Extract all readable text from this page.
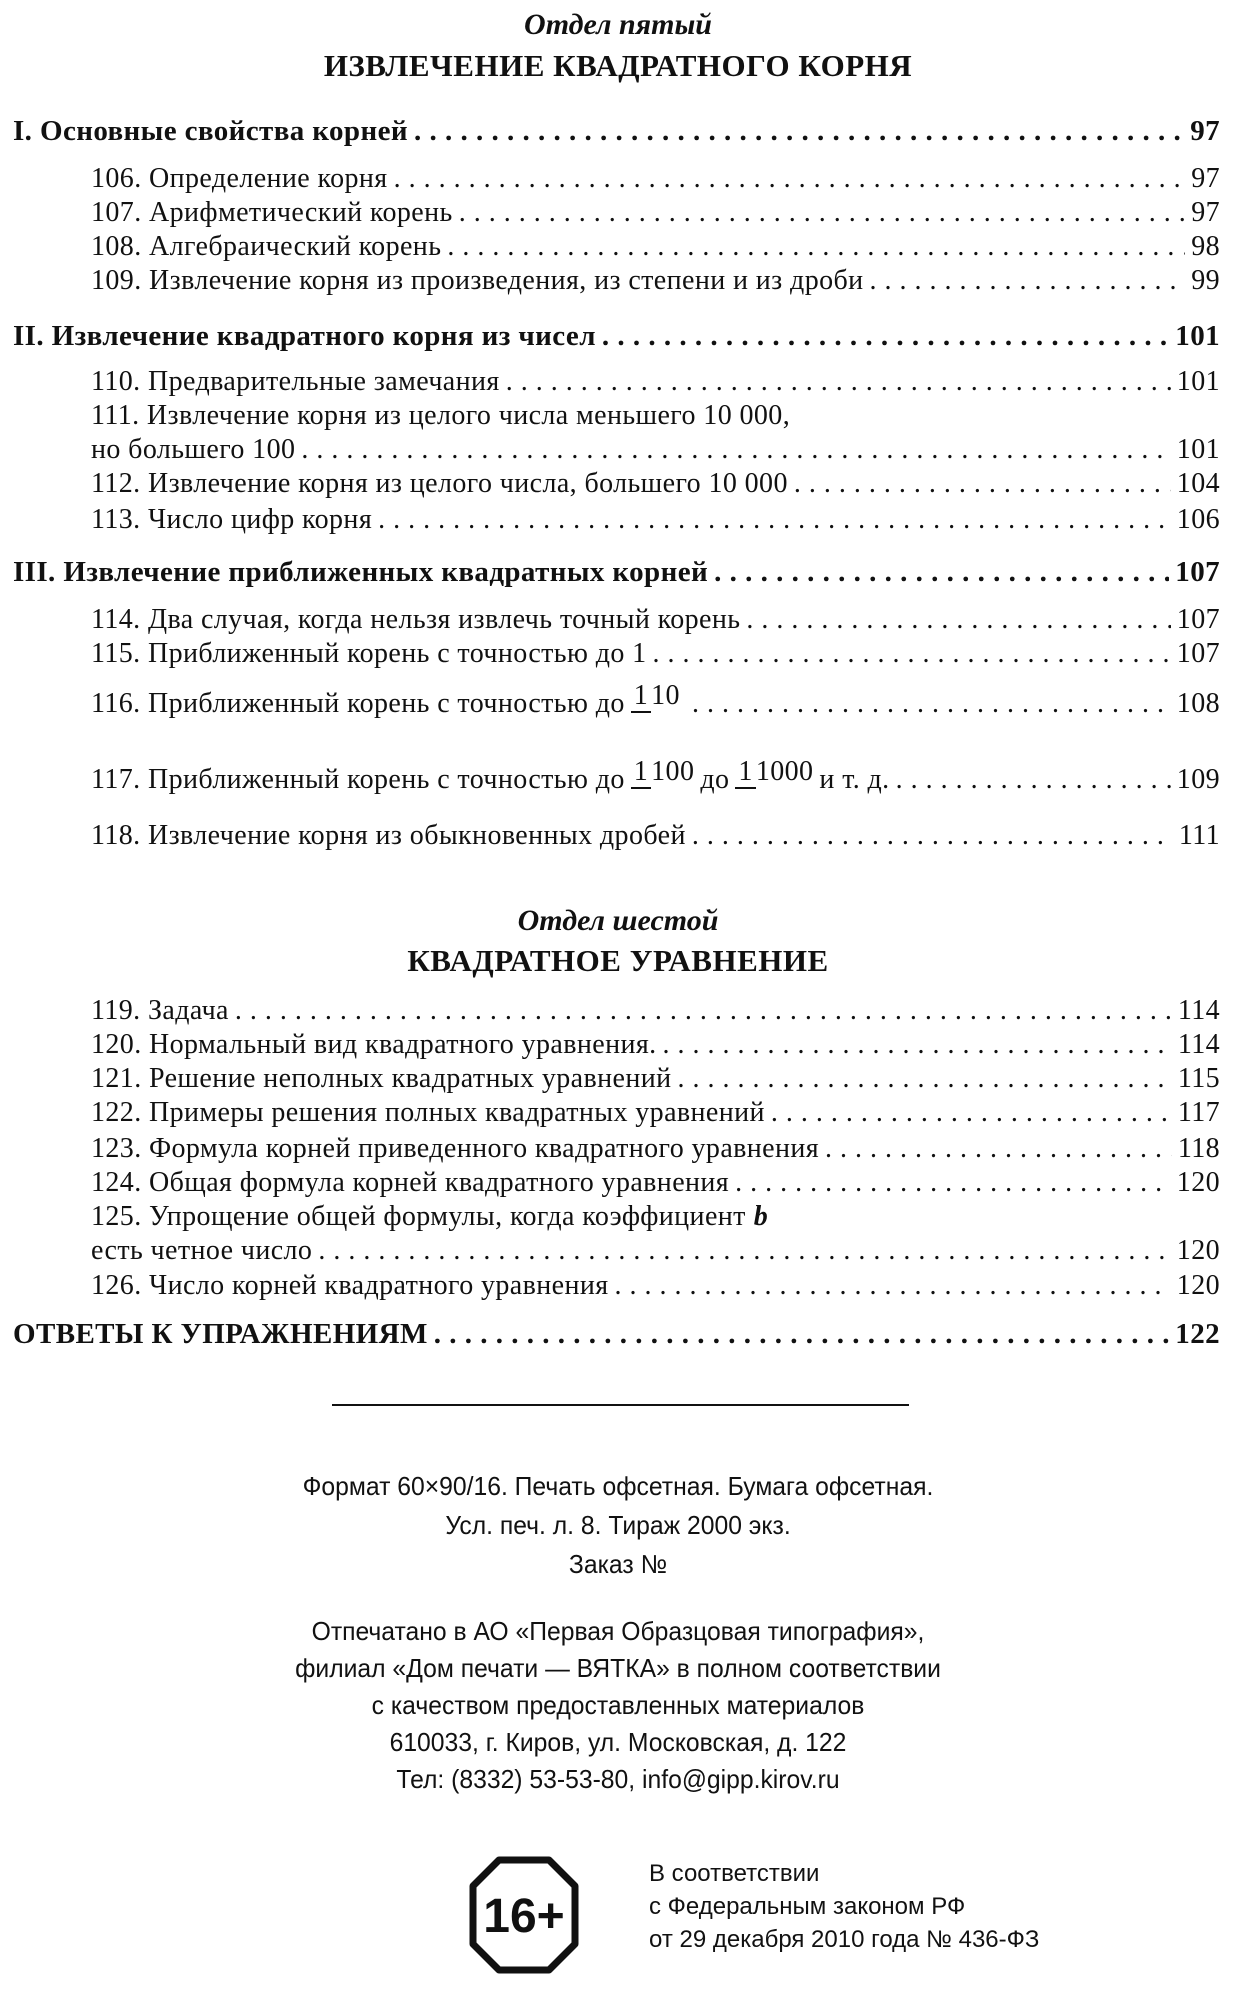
Отдел пятый
ИЗВЛЕЧЕНИЕ КВАДРАТНОГО КОРНЯ
I. Основные свойства корней . . .	97
106. Определение корня . . .	97
107. Арифметический корень . . .	97
108. Алгебраический корень . . .	98
109. Извлечение корня из произведения, из степени и из дроби . . .	99
II. Извлечение квадратного корня из чисел . . .	101
110. Предварительные замечания . . .	101
111. Извлечение корня из целого числа меньшего 10 000,
но большего 100 . . .	101
112. Извлечение корня из целого числа, большего 10 000 . . .	104
113. Число цифр корня . . .	106
III. Извлечение приближенных квадратных корней . . .	107
114. Два случая, когда нельзя извлечь точный корень . . .	107
115. Приближенный корень с точностью до 1 . . .	107
116. Приближенный корень с точностью до 1 10 . . .	108
117. Приближенный корень с точностью до 1 100 до 1 1000 и т. д. . . .	109
118. Извлечение корня из обыкновенных дробей . . .	111
Отдел шестой
КВАДРАТНОЕ УРАВНЕНИЕ
119. Задача . . .	114
120. Нормальный вид квадратного уравнения. . . .	114
121. Решение неполных квадратных уравнений . . .	115
122. Примеры решения полных квадратных уравнений . . .	117
123. Формула корней приведенного квадратного уравнения . . .	118
124. Общая формула корней квадратного уравнения . . .	120
125. Упрощение общей формулы, когда коэффициент b
есть четное число . . .	120
126. Число корней квадратного уравнения . . .	120
ОТВЕТЫ К УПРАЖНЕНИЯМ . . .	122
Формат 60×90/16. Печать офсетная. Бумага офсетная.
Усл. печ. л. 8. Тираж 2000 экз.
Заказ №
Отпечатано в АО «Первая Образцовая типография»,
филиал «Дом печати — ВЯТКА» в полном соответствии
с качеством предоставленных материалов
610033, г. Киров, ул. Московская, д. 122
Тел: (8332) 53-53-80, info@gipp.kirov.ru
16+
В соответствии
с Федеральным законом РФ
от 29 декабря 2010 года № 436-ФЗ
